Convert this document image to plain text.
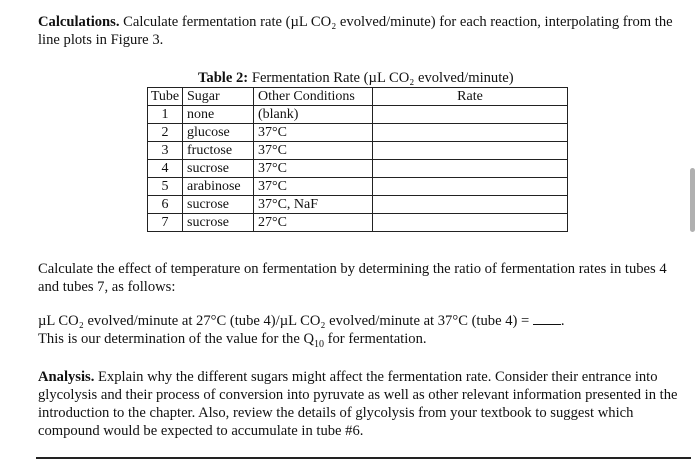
Calculations. Calculate fermentation rate (µL CO₂ evolved/minute) for each reaction, interpolating from the line plots in Figure 3.

Table 2: Fermentation Rate (µL CO₂ evolved/minute)
Tube	Sugar	Other Conditions	Rate
1	none	(blank)	
2	glucose	37°C	
3	fructose	37°C	
4	sucrose	37°C	
5	arabinose	37°C	
6	sucrose	37°C, NaF	
7	sucrose	27°C	

Calculate the effect of temperature on fermentation by determining the ratio of fermentation rates in tubes 4 and tubes 7, as follows:

µL CO₂ evolved/minute at 27°C (tube 4)/µL CO₂ evolved/minute at 37°C (tube 4) = .
This is our determination of the value for the $Q_{10}$ for fermentation.

Analysis. Explain why the different sugars might affect the fermentation rate. Consider their entrance into glycolysis and their process of conversion into pyruvate as well as other relevant information presented in the introduction to the chapter. Also, review the details of glycolysis from your textbook to suggest which compound would be expected to accumulate in tube #6.
